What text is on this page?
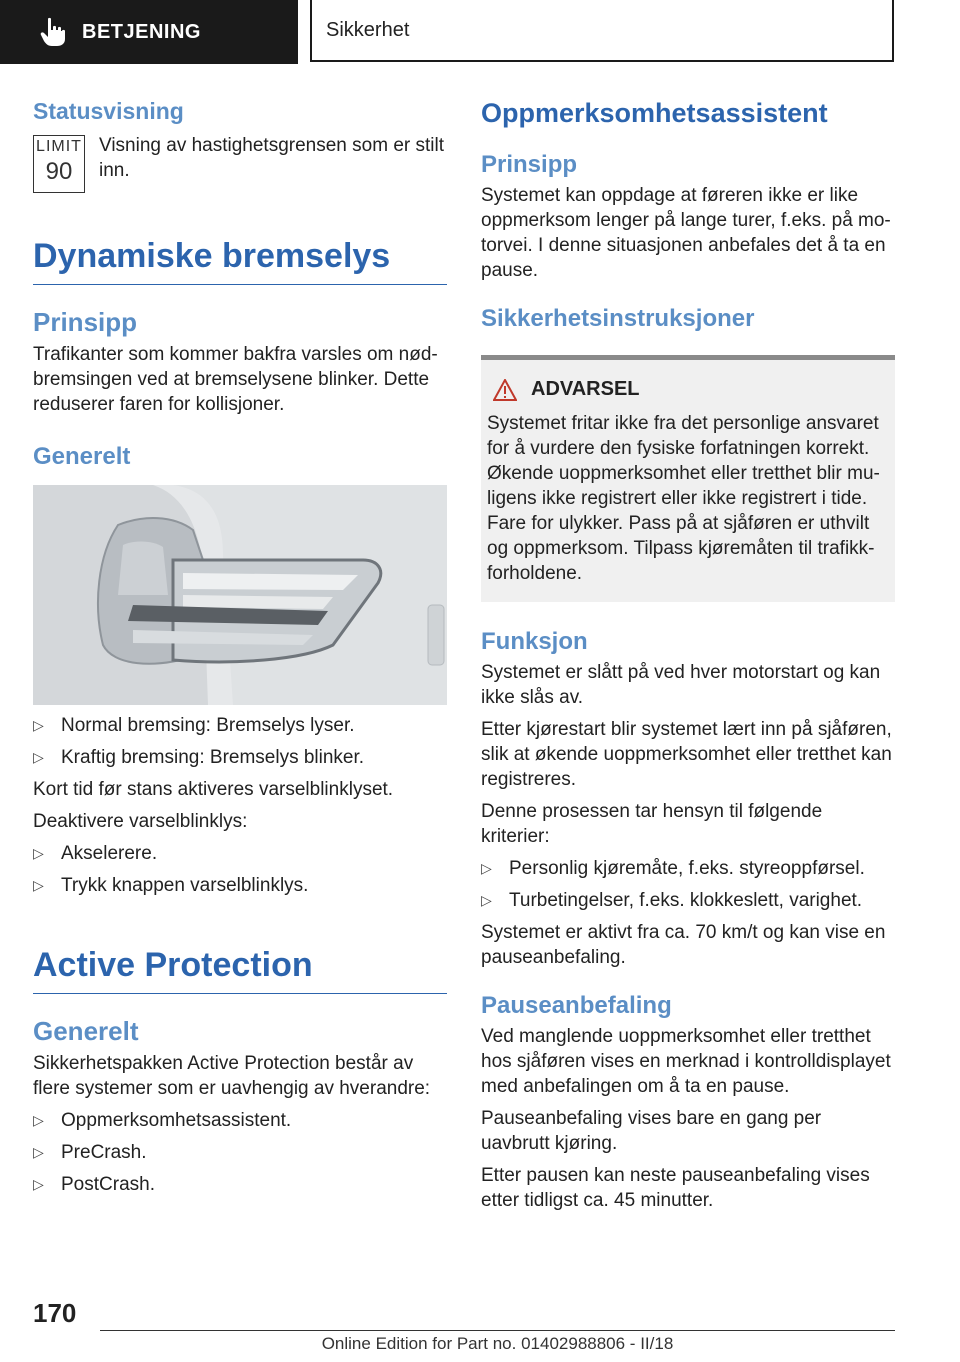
BETJENING	Sikkerhet
Statusvisning
LIMIT
90

Visning av hastighetsgrensen som er stilt inn.

Dynamiske bremselys
Prinsipp

Trafikanter som kommer bakfra varsles om nød-bremsingen ved at bremselysene blinker. Dette reduserer faren for kollisjoner.

Generelt
▷ Normal bremsing: Bremselys lyser.
▷ Kraftig bremsing: Bremselys blinker.

Kort tid før stans aktiveres varselblinklyset.

Deaktivere varselblinklys:

▷ Akselerere.
▷ Trykk knappen varselblinklys.
Active Protection
Generelt

Sikkerhetspakken Active Protection består av flere systemer som er uavhengig av hverandre:

▷ Oppmerksomhetsassistent.
▷ PreCrash.
▷ PostCrash.
Oppmerksomhetsassistent
Prinsipp

Systemet kan oppdage at føreren ikke er like oppmerksom lenger på lange turer, f.eks. på mo-torvei. I denne situasjonen anbefales det å ta en pause.

Sikkerhetsinstruksjoner
ADVARSEL

Systemet fritar ikke fra det personlige ansvaret for å vurdere den fysiske forfatningen korrekt. Økende uoppmerksomhet eller tretthet blir mu-ligens ikke registrert eller ikke registrert i tide. Fare for ulykker. Pass på at sjåføren er uthvilt og oppmerksom. Tilpass kjøremåten til trafikk-forholdene.

Funksjon

Systemet er slått på ved hver motorstart og kan ikke slås av.

Etter kjørestart blir systemet lært inn på sjåføren, slik at økende uoppmerksomhet eller tretthet kan registreres.

Denne prosessen tar hensyn til følgende kriterier:

▷ Personlig kjøremåte, f.eks. styreoppførsel.
▷ Turbetingelser, f.eks. klokkeslett, varighet.

Systemet er aktivt fra ca. 70 km/t og kan vise en pauseanbefaling.

Pauseanbefaling

Ved manglende uoppmerksomhet eller tretthet hos sjåføren vises en merknad i kontrolldisplayet med anbefalingen om å ta en pause.

Pauseanbefaling vises bare en gang per uavbrutt kjøring.

Etter pausen kan neste pauseanbefaling vises etter tidligst ca. 45 minutter.

170
Online Edition for Part no. 01402988806 - II/18
